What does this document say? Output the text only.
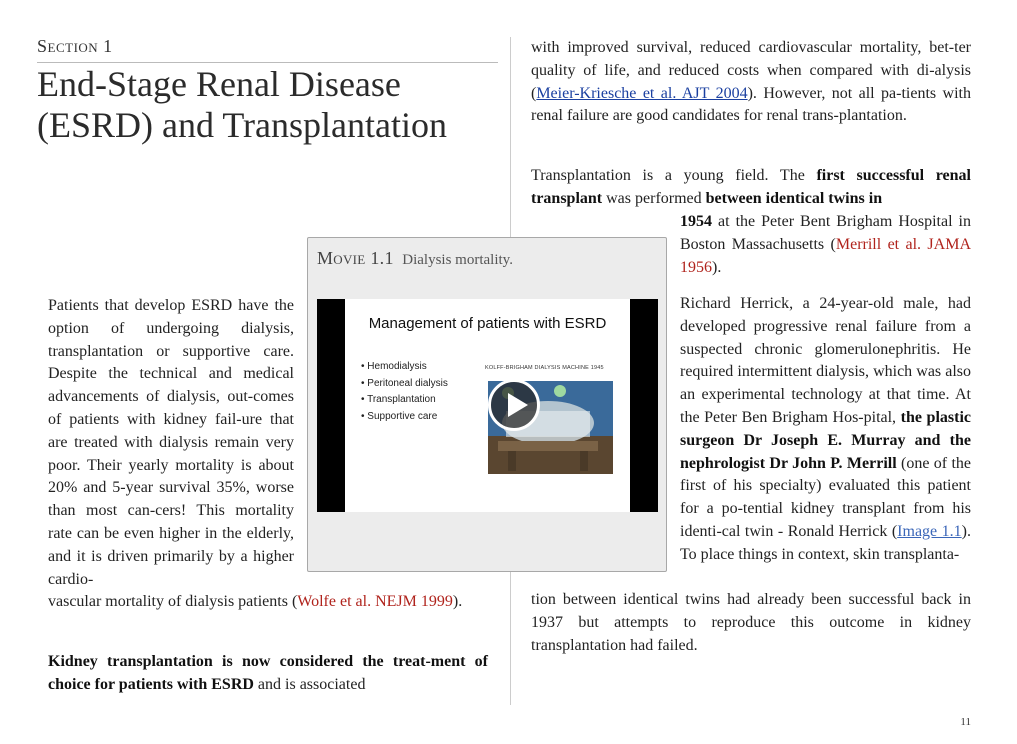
Section 1
End-Stage Renal Disease (ESRD) and Transplantation

Patients that develop ESRD have the option of undergoing dialysis, transplantation or supportive care. Despite the technical and medical advancements of dialysis, out-comes of patients with kidney fail-ure that are treated with dialysis remain very poor. Their yearly mortality is about 20% and 5-year survival 35%, worse than most can-cers! This mortality rate can be even higher in the elderly, and it is driven primarily by a higher cardio-

vascular mortality of dialysis patients (Wolfe et al. NEJM 1999).

Kidney transplantation is now considered the treat-ment of choice for patients with ESRD and is associated

with improved survival, reduced cardiovascular mortality, bet-ter quality of life, and reduced costs when compared with di-alysis (Meier-Kriesche et al. AJT 2004). However, not all pa-tients with renal failure are good candidates for renal trans-plantation.

Transplantation is a young field. The first successful renal transplant was performed between identical twins in

1954 at the Peter Bent Brigham Hospital in Boston Massachusetts (Merrill et al. JAMA 1956).

Richard Herrick, a 24-year-old male, had developed progressive renal failure from a suspected chronic glomerulonephritis. He required intermittent dialysis, which was also an experimental technology at that time. At the Peter Ben Brigham Hos-pital, the plastic surgeon Dr Joseph E. Murray and the nephrologist Dr John P. Merrill (one of the first of his specialty) evaluated this patient for a po-tential kidney transplant from his identi-cal twin - Ronald Herrick (Image 1.1). To place things in context, skin transplanta-

tion between identical twins had already been successful back in 1937 but attempts to reproduce this outcome in kidney transplantation had failed.

Movie 1.1 Dialysis mortality.
Management of patients with ESRD
• Hemodialysis
• Peritoneal dialysis
• Transplantation
• Supportive care
KOLFF-BRIGHAM DIALYSIS MACHINE 1945
11
